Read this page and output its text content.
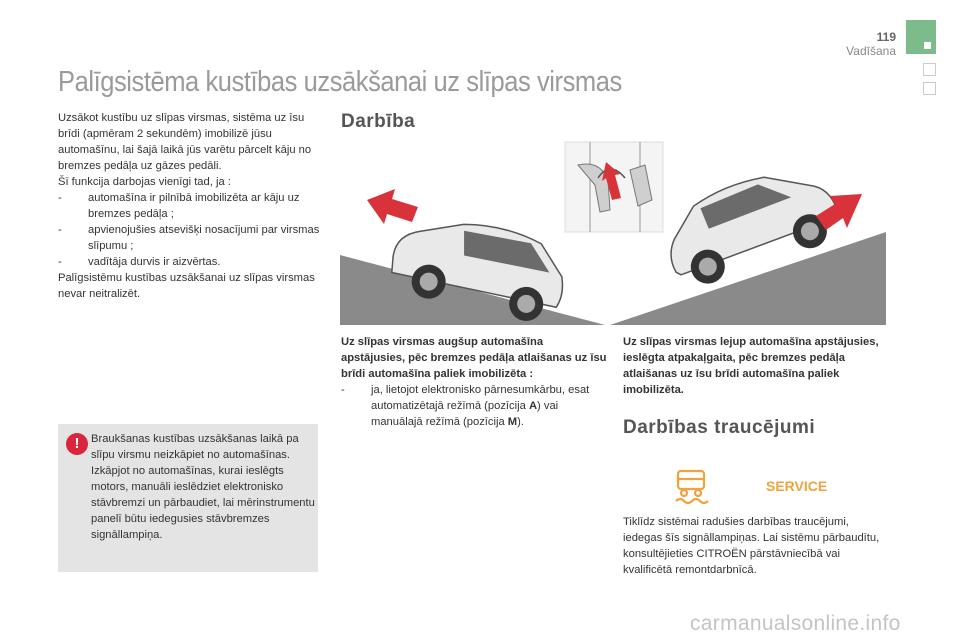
119
Vadīšana
Palīgsistēma kustības uzsākšanai uz slīpas virsmas

Uzsākot kustību uz slīpas virsmas, sistēma uz īsu brīdi (apmēram 2 sekundēm) imobilizē jūsu automašīnu, lai šajā laikā jūs varētu pārcelt kāju no bremzes pedāļa uz gāzes pedāli.

Šī funkcija darbojas vienīgi tad, ja :

- automašīna ir pilnībā imobilizēta ar kāju uz bremzes pedāļa ;

- apvienojušies atsevišķi nosacījumi par virsmas slīpumu ;

- vadītāja durvis ir aizvērtas.

Palīgsistēmu kustības uzsākšanai uz slīpas virsmas nevar neitralizēt.

!	Braukšanas kustības uzsākšanas laikā pa slīpu virsmu neizkāpiet no automašīnas.

Izkāpjot no automašīnas, kurai ieslēgts motors, manuāli ieslēdziet elektronisko stāvbremzi un pārbaudiet, lai mērinstrumentu panelī būtu iedegusies stāvbremzes signāllampiņa.

Darbība

Uz slīpas virsmas augšup automašīna apstājusies, pēc bremzes pedāļa atlaišanas uz īsu brīdi automašīna paliek imobilizēta :

- ja, lietojot elektronisko pārnesumkārbu, esat automatizētajā režīmā (pozīcija A) vai manuālajā režīmā (pozīcija M).

Uz slīpas virsmas lejup automašīna apstājusies, ieslēgta atpakaļgaita, pēc bremzes pedāļa atlaišanas uz īsu brīdi automašīna paliek imobilizēta.
Darbības traucējumi
SERVICE
Tiklīdz sistēmai radušies darbības traucējumi, iedegas šīs signāllampiņas. Lai sistēmu pārbaudītu, konsultējieties CITROËN pārstāvniecībā vai kvalificētā remontdarbnīcā.
carmanualsonline.info
